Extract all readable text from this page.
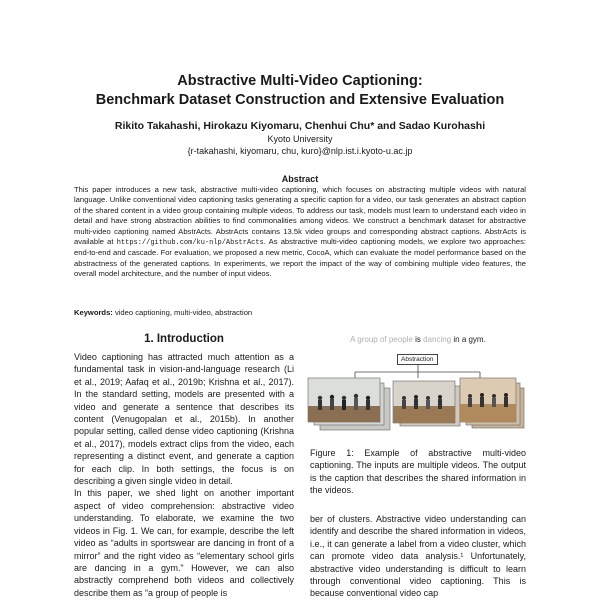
Abstractive Multi-Video Captioning:
Benchmark Dataset Construction and Extensive Evaluation
Rikito Takahashi, Hirokazu Kiyomaru, Chenhui Chu* and Sadao Kurohashi
Kyoto University
{r-takahashi, kiyomaru, chu, kuro}@nlp.ist.i.kyoto-u.ac.jp
Abstract

This paper introduces a new task, abstractive multi-video captioning, which focuses on abstracting multiple videos with natural language. Unlike conventional video captioning tasks generating a specific caption for a video, our task generates an abstract caption of the shared content in a video group containing multiple videos. To address our task, models must learn to understand each video in detail and have strong abstraction abilities to find commonalities among videos. We construct a benchmark dataset for abstractive multi-video captioning named AbstrActs. AbstrActs contains 13.5k video groups and corresponding abstract captions. AbstrActs is available at https://github.com/ku-nlp/AbstrActs. As abstractive multi-video captioning models, we explore two approaches: end-to-end and cascade. For evaluation, we proposed a new metric, CocoA, which can evaluate the model performance based on the abstractness of the generated captions. In experiments, we report the impact of the way of combining multiple video features, the overall model architecture, and the number of input videos.

Keywords: video captioning, multi-video, abstraction
1. Introduction

Video captioning has attracted much attention as a fundamental task in vision-and-language research (Li et al., 2019; Aafaq et al., 2019b; Krishna et al., 2017). In the standard setting, models are presented with a video and generate a sentence that describes its content (Venugopalan et al., 2015b). In another popular setting, called dense video captioning (Krishna et al., 2017), models extract clips from the video, each representing a distinct event, and generate a caption for each clip. In both settings, the focus is on describing a given single video in detail.

In this paper, we shed light on another important aspect of video comprehension: abstractive video understanding. To elaborate, we examine the two videos in Fig. 1. We can, for example, describe the left video as “adults in sportswear are dancing in front of a mirror” and the right video as “elementary school girls are dancing in a gym.” However, we can also abstractly comprehend both videos and collectively describe them as “a group of people is

A group of people is dancing in a gym.
Abstraction
Figure 1: Example of abstractive multi-video captioning. The inputs are multiple videos. The output is the caption that describes the shared information in the videos.
ber of clusters. Abstractive video understanding can identify and describe the shared information in videos, i.e., it can generate a label from a video cluster, which can promote video data analysis.¹ Unfortunately, abstractive video understanding is difficult to learn through conventional video captioning. This is because conventional video cap
